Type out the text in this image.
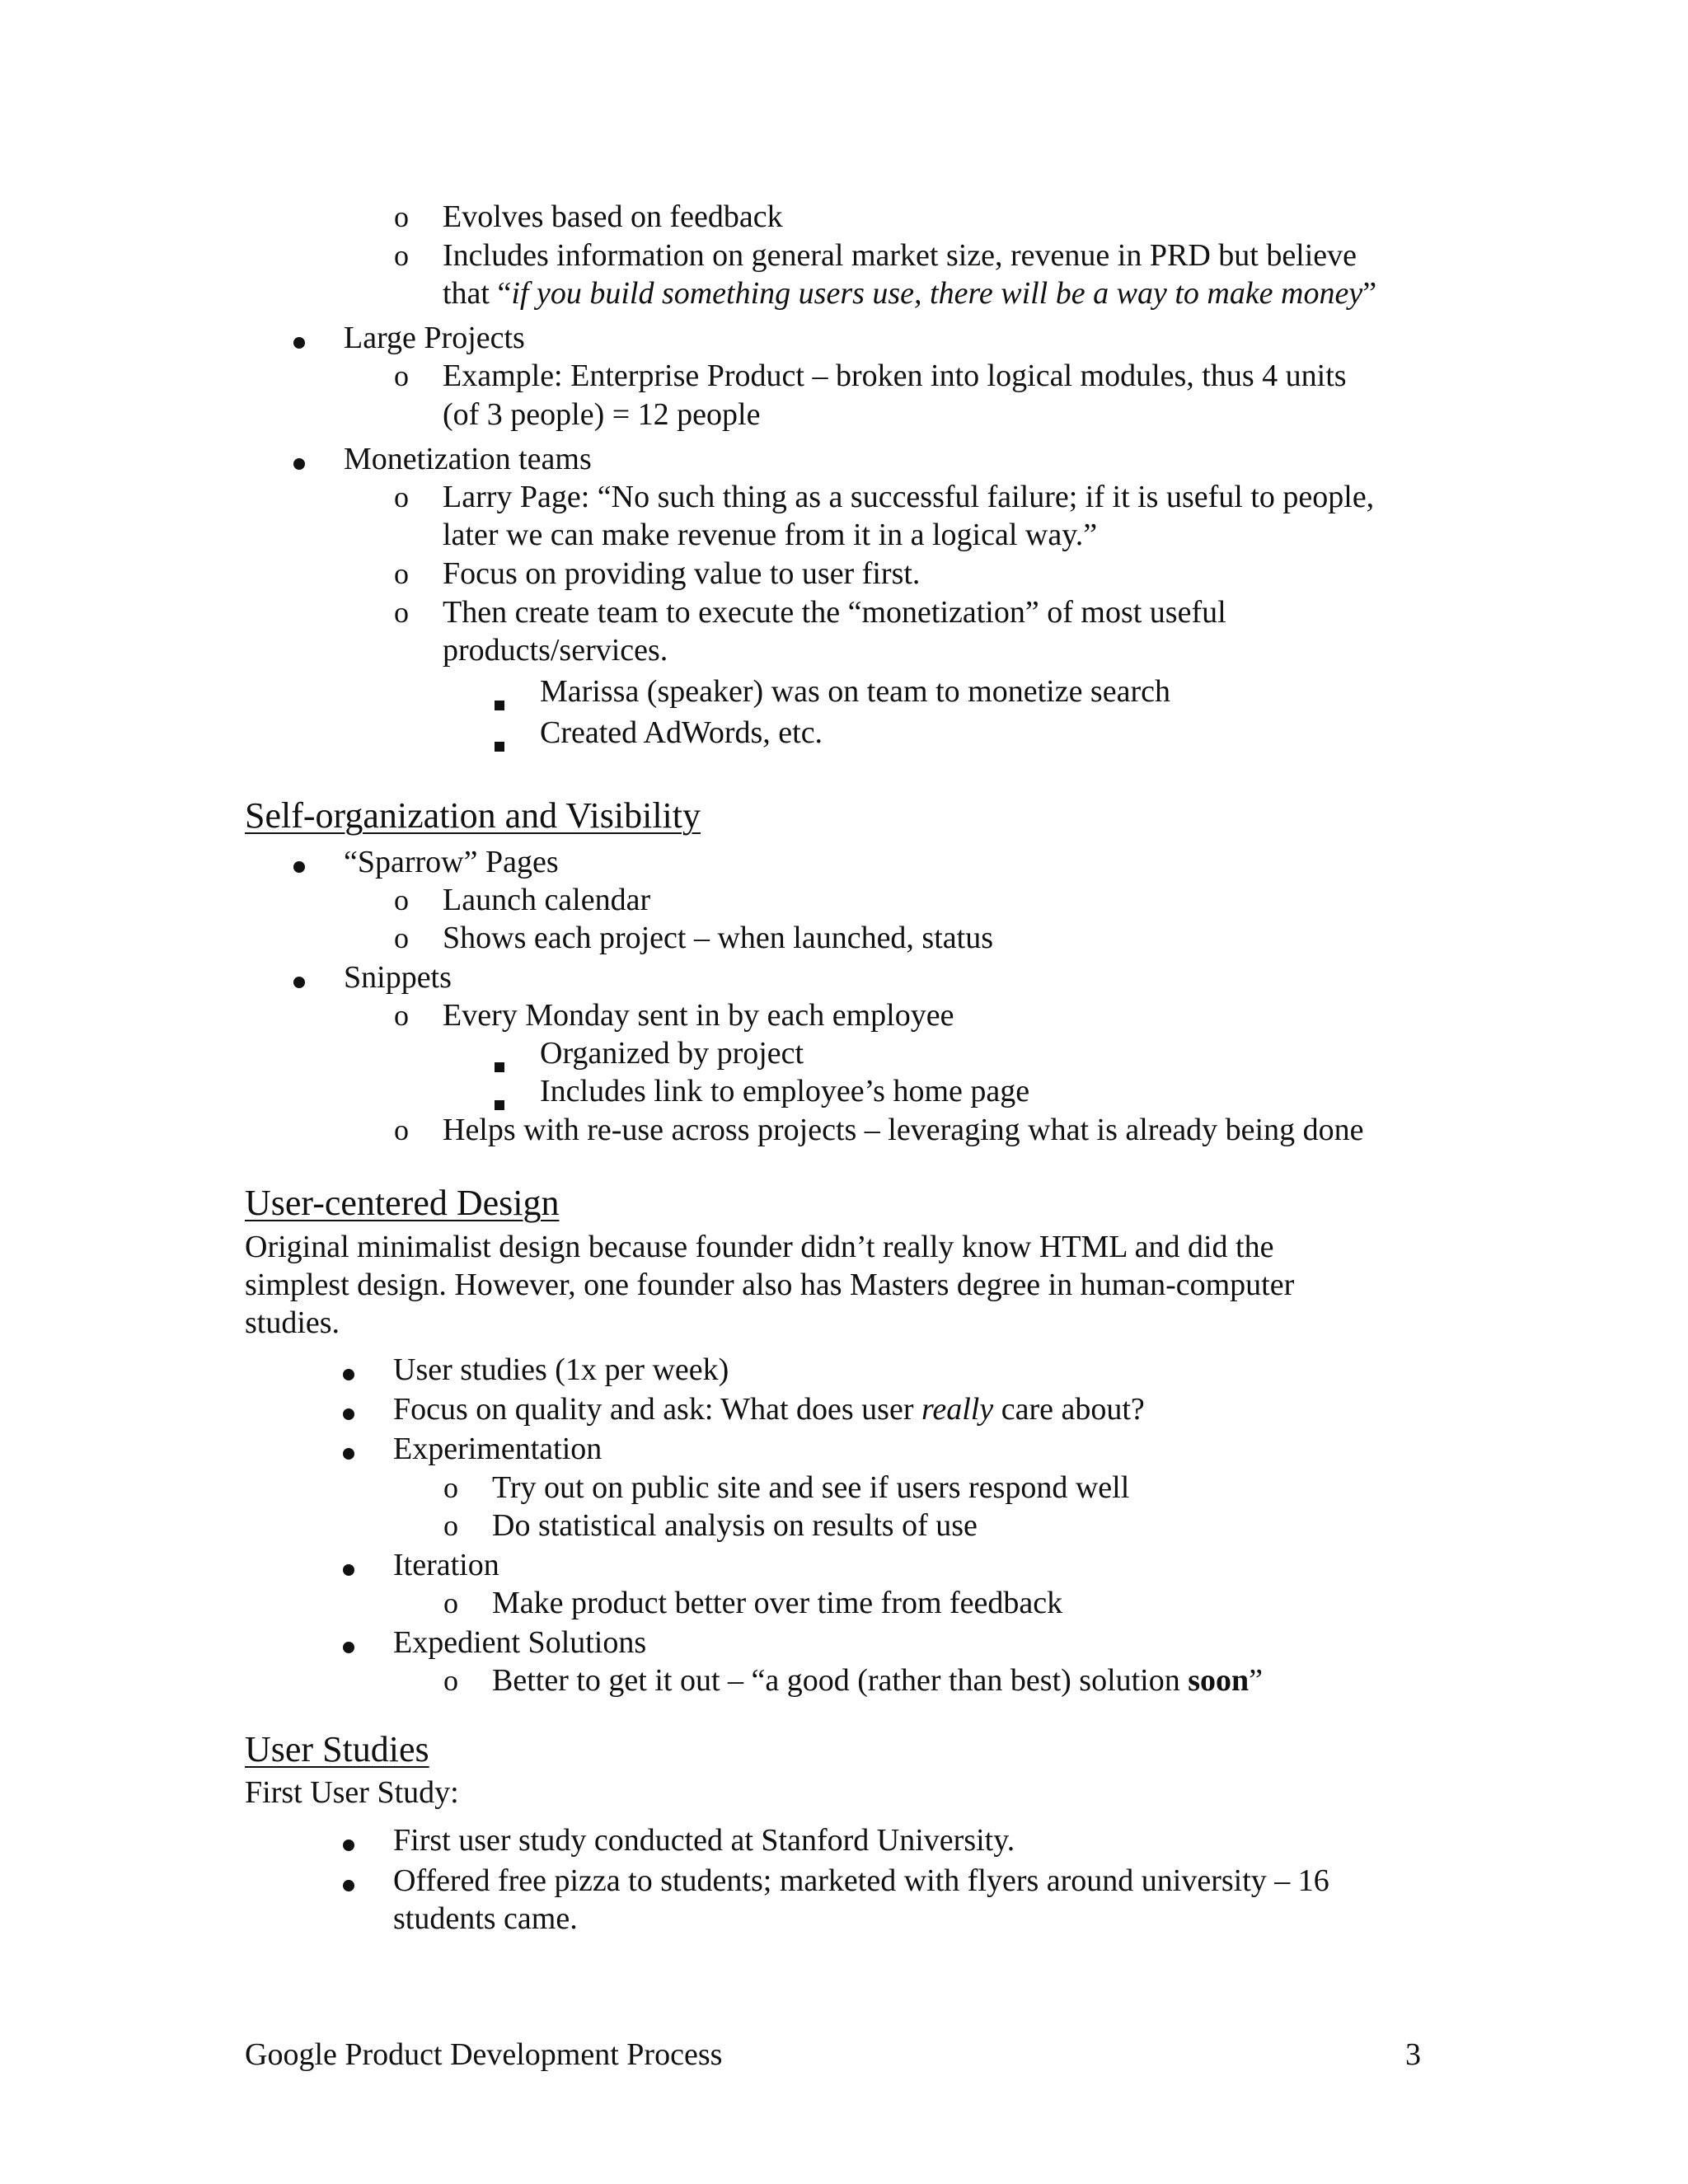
o Evolves based on feedback
o Includes information on general market size, revenue in PRD but believe
that “if you build something users use, there will be a way to make money”
Large Projects
o Example: Enterprise Product – broken into logical modules, thus 4 units
(of 3 people) = 12 people
Monetization teams
o Larry Page: “No such thing as a successful failure; if it is useful to people,
later we can make revenue from it in a logical way.”
o Focus on providing value to user first.
o Then create team to execute the “monetization” of most useful
products/services.
Marissa (speaker) was on team to monetize search
Created AdWords, etc.
Self-organization and Visibility
“Sparrow” Pages
o Launch calendar
o Shows each project – when launched, status
Snippets
o Every Monday sent in by each employee
Organized by project
Includes link to employee’s home page
o Helps with re-use across projects – leveraging what is already being done
User-centered Design
Original minimalist design because founder didn’t really know HTML and did the
simplest design. However, one founder also has Masters degree in human-computer
studies.
User studies (1x per week)
Focus on quality and ask: What does user really care about?
Experimentation
o Try out on public site and see if users respond well
o Do statistical analysis on results of use
Iteration
o Make product better over time from feedback
Expedient Solutions
o Better to get it out – “a good (rather than best) solution soon”
User Studies
First User Study:
First user study conducted at Stanford University.
Offered free pizza to students; marketed with flyers around university – 16
students came.
Google Product Development Process	3
